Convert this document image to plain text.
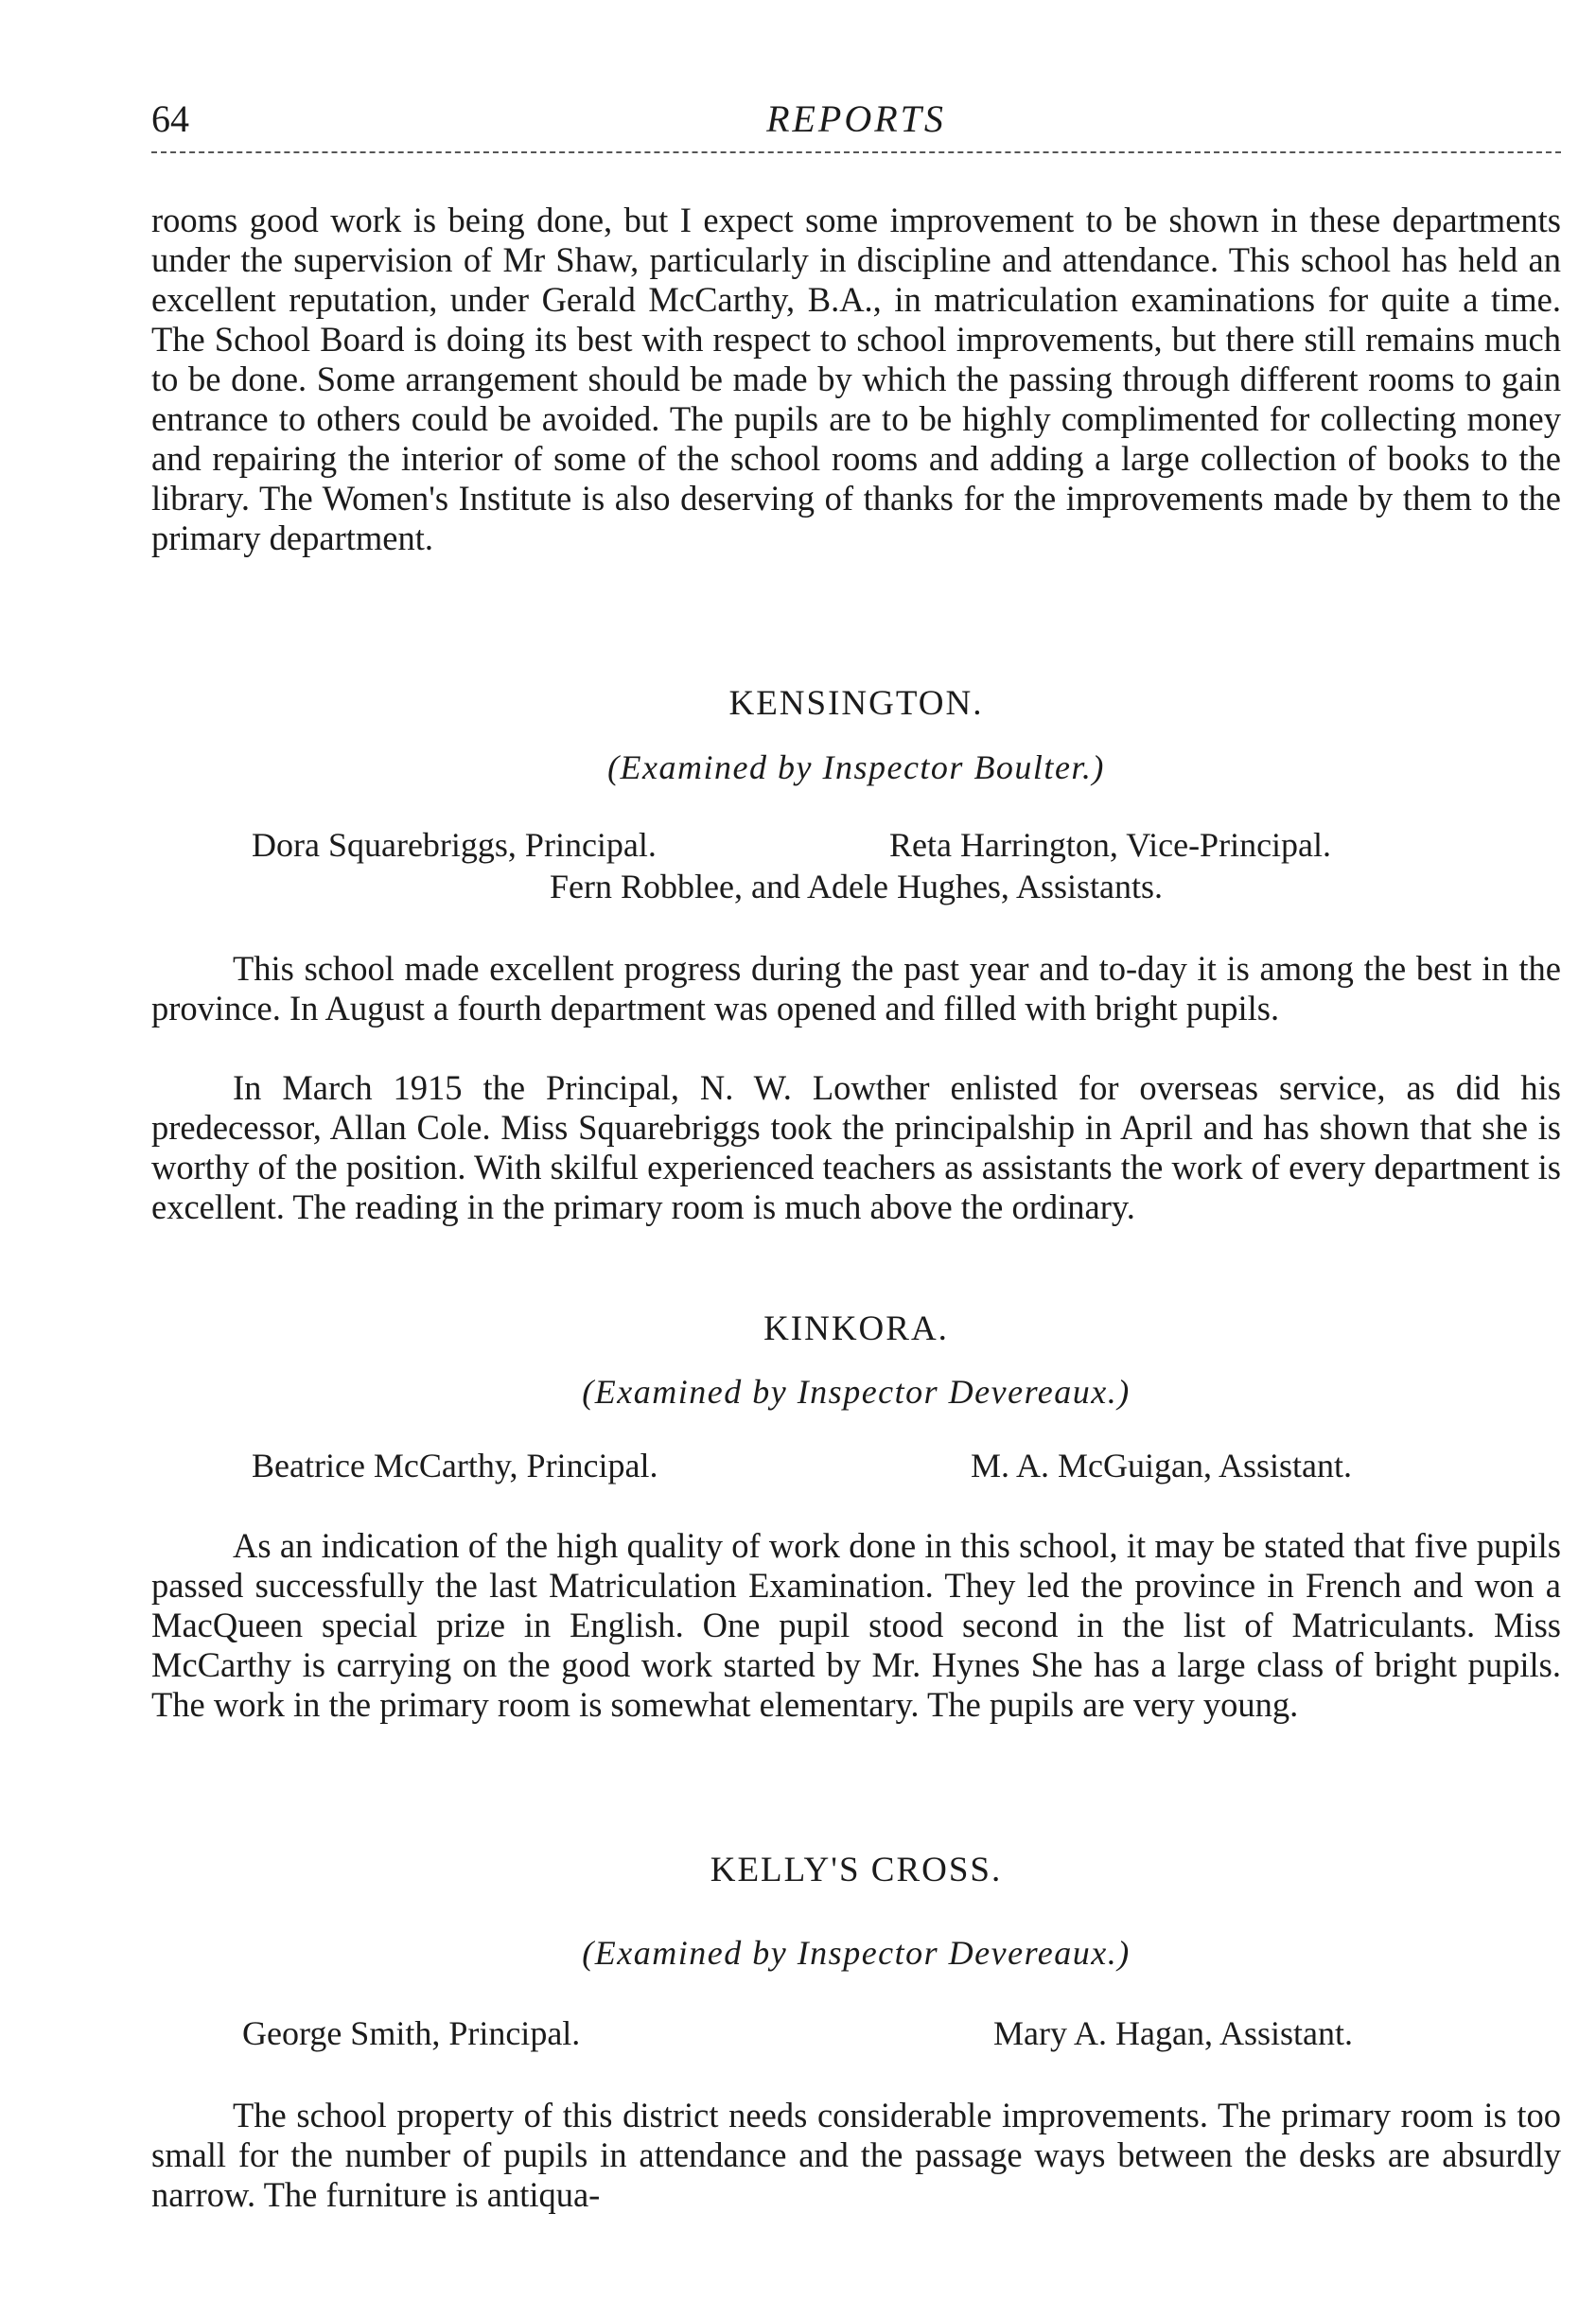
64	REPORTS

rooms good work is being done, but I expect some improvement to be shown in these departments under the supervision of Mr Shaw, particularly in discipline and attendance. This school has held an excellent reputation, under Gerald McCarthy, B.A., in matriculation examinations for quite a time. The School Board is doing its best with respect to school improvements, but there still remains much to be done. Some arrangement should be made by which the passing through different rooms to gain entrance to others could be avoided. The pupils are to be highly complimented for collecting money and repairing the interior of some of the school rooms and adding a large collection of books to the library. The Women's Institute is also deserving of thanks for the improvements made by them to the primary department.

KENSINGTON.
(Examined by Inspector Boulter.)
Dora Squarebriggs, Principal.	Reta Harrington, Vice-Principal.
Fern Robblee, and Adele Hughes, Assistants.

This school made excellent progress during the past year and to-day it is among the best in the province. In August a fourth department was opened and filled with bright pupils.

In March 1915 the Principal, N. W. Lowther enlisted for overseas service, as did his predecessor, Allan Cole. Miss Squarebriggs took the principalship in April and has shown that she is worthy of the position. With skilful experienced teachers as assistants the work of every department is excellent. The reading in the primary room is much above the ordinary.

KINKORA.
(Examined by Inspector Devereaux.)
Beatrice McCarthy, Principal.	M. A. McGuigan, Assistant.

As an indication of the high quality of work done in this school, it may be stated that five pupils passed successfully the last Matriculation Examination. They led the province in French and won a MacQueen special prize in English. One pupil stood second in the list of Matriculants. Miss McCarthy is carrying on the good work started by Mr. Hynes She has a large class of bright pupils. The work in the primary room is somewhat elementary. The pupils are very young.

KELLY'S CROSS.
(Examined by Inspector Devereaux.)
George Smith, Principal.	Mary A. Hagan, Assistant.

The school property of this district needs considerable improvements. The primary room is too small for the number of pupils in attendance and the passage ways between the desks are absurdly narrow. The furniture is antiqua-
